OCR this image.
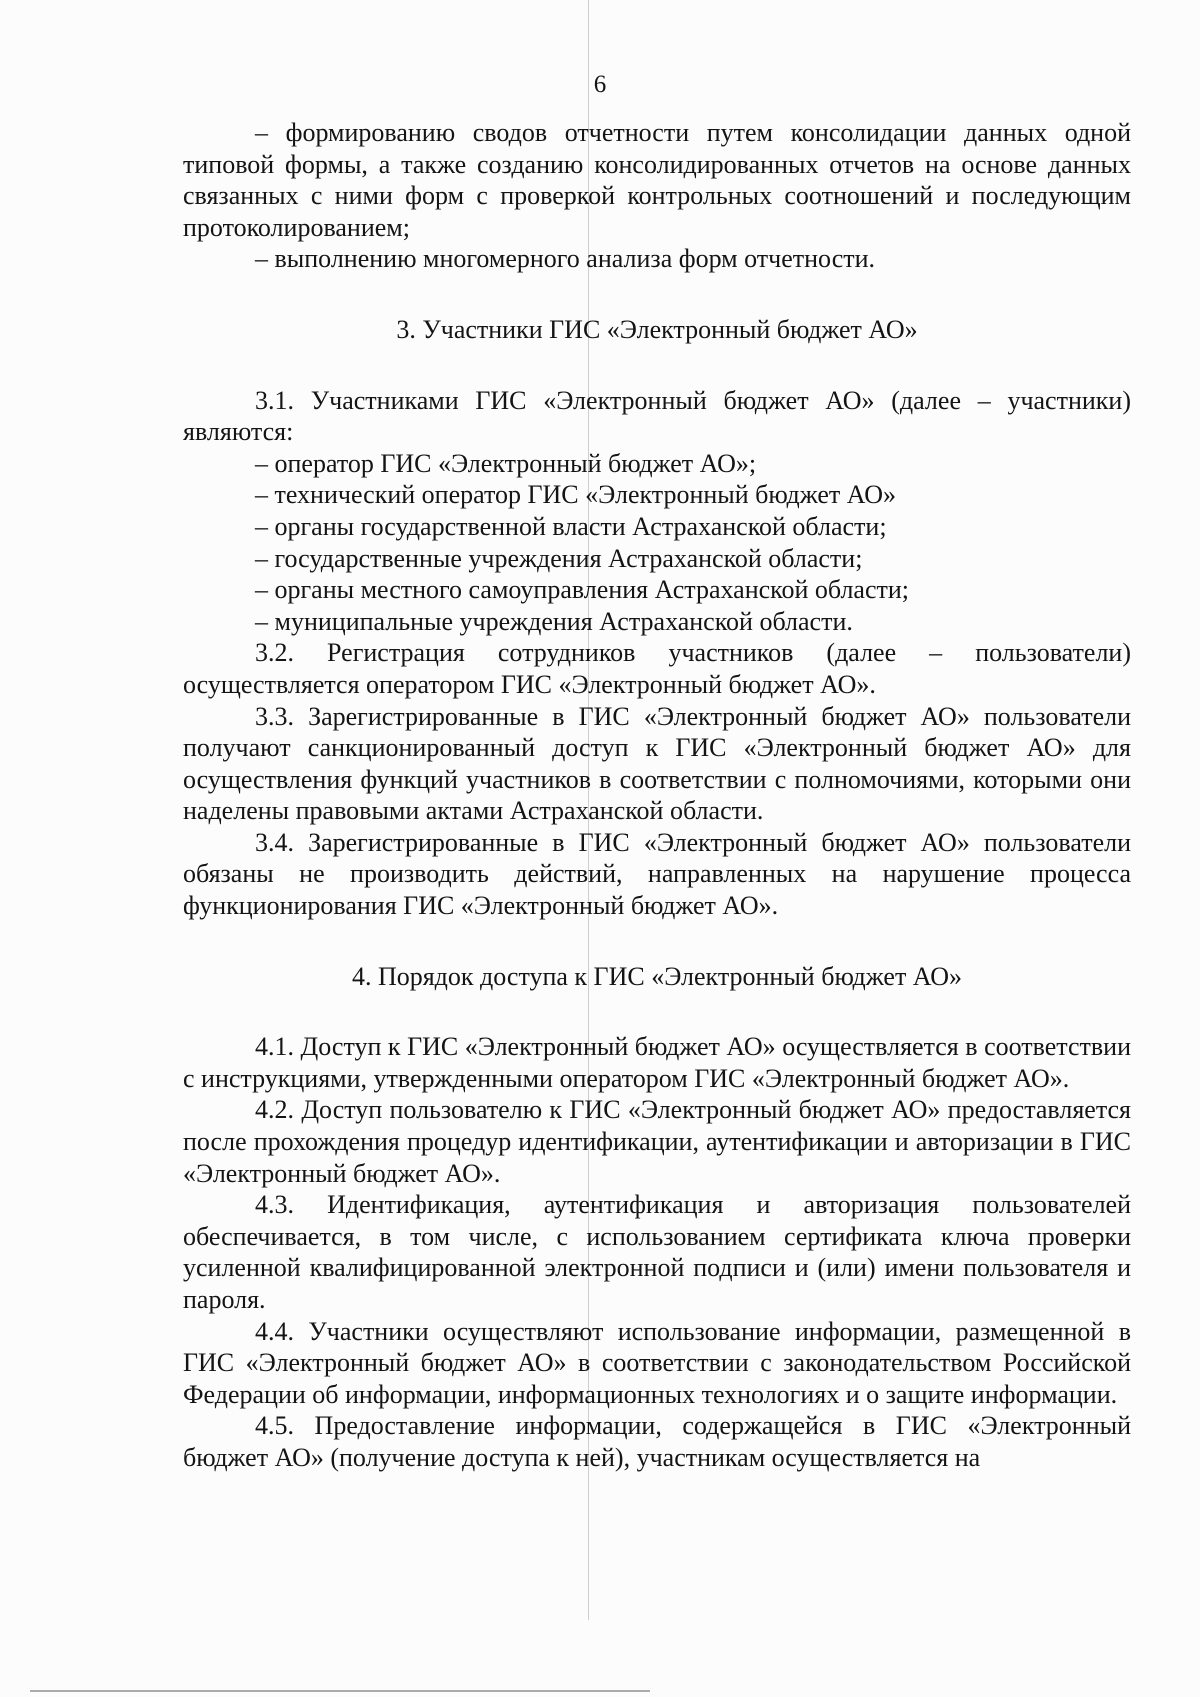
6

– формированию сводов отчетности путем консолидации данных одной типовой формы, а также созданию консолидированных отчетов на основе данных связанных с ними форм с проверкой контрольных соотношений и последующим протоколированием;

– выполнению многомерного анализа форм отчетности.

3. Участники ГИС «Электронный бюджет АО»

3.1. Участниками ГИС «Электронный бюджет АО» (далее – участники) являются:

– оператор ГИС «Электронный бюджет АО»;

– технический оператор ГИС «Электронный бюджет АО»

– органы государственной власти Астраханской области;

– государственные учреждения Астраханской области;

– органы местного самоуправления Астраханской области;

– муниципальные учреждения Астраханской области.

3.2. Регистрация сотрудников участников (далее – пользователи) осуществляется оператором ГИС «Электронный бюджет АО».

3.3. Зарегистрированные в ГИС «Электронный бюджет АО» пользователи получают санкционированный доступ к ГИС «Электронный бюджет АО» для осуществления функций участников в соответствии с полномочиями, которыми они наделены правовыми актами Астраханской области.

3.4. Зарегистрированные в ГИС «Электронный бюджет АО» пользователи обязаны не производить действий, направленных на нарушение процесса функционирования ГИС «Электронный бюджет АО».

4. Порядок доступа к ГИС «Электронный бюджет АО»

4.1. Доступ к ГИС «Электронный бюджет АО» осуществляется в соответствии с инструкциями, утвержденными оператором ГИС «Электронный бюджет АО».

4.2. Доступ пользователю к ГИС «Электронный бюджет АО» предоставляется после прохождения процедур идентификации, аутентификации и авторизации в ГИС «Электронный бюджет АО».

4.3. Идентификация, аутентификация и авторизация пользователей обеспечивается, в том числе, с использованием сертификата ключа проверки усиленной квалифицированной электронной подписи и (или) имени пользователя и пароля.

4.4. Участники осуществляют использование информации, размещенной в ГИС «Электронный бюджет АО» в соответствии с законодательством Российской Федерации об информации, информационных технологиях и о защите информации.

4.5. Предоставление информации, содержащейся в ГИС «Электронный бюджет АО» (получение доступа к ней), участникам осуществляется на
